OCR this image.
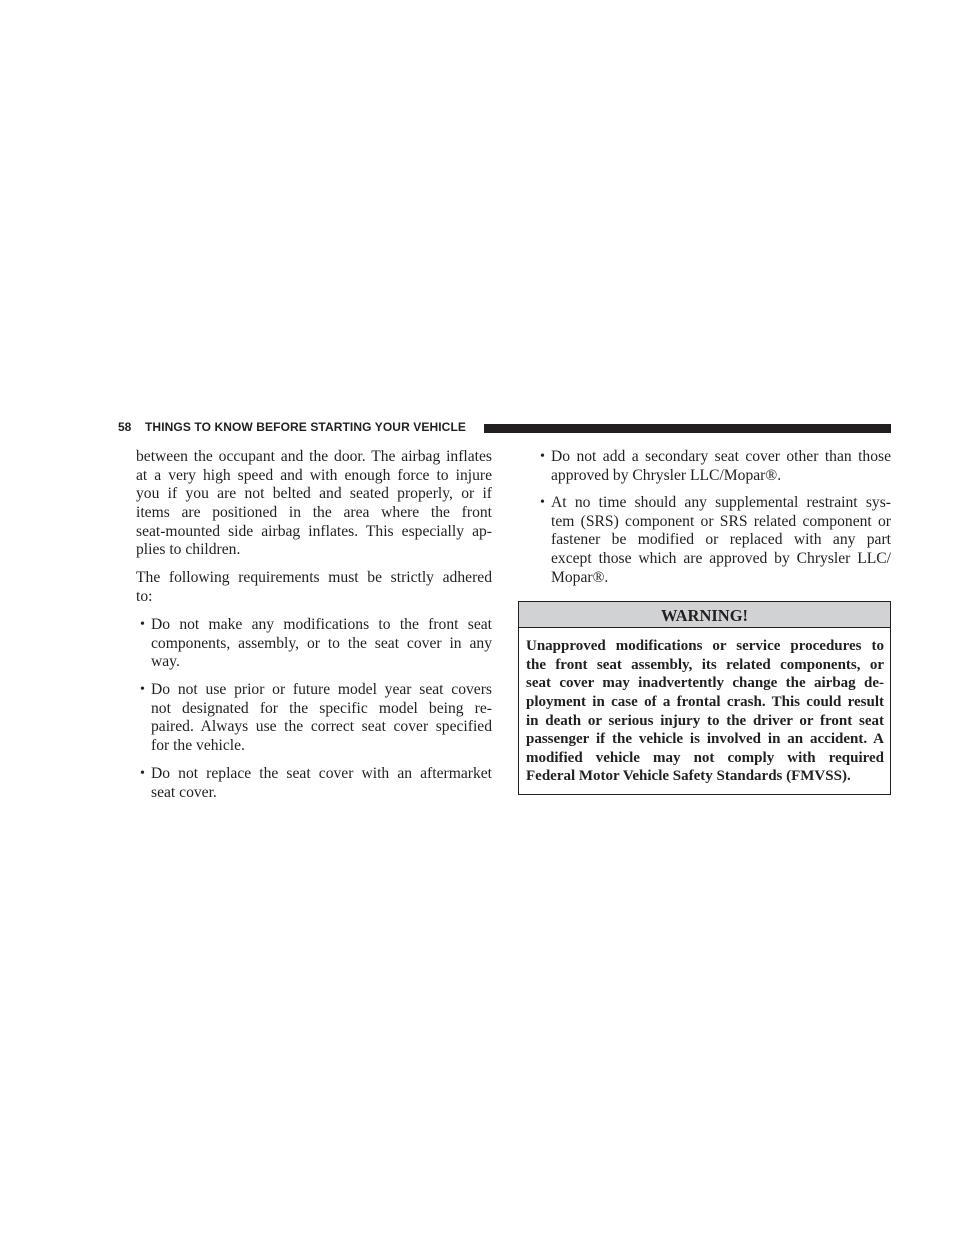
58 THINGS TO KNOW BEFORE STARTING YOUR VEHICLE
between the occupant and the door. The airbag inflates
at a very high speed and with enough force to injure
you if you are not belted and seated properly, or if
items are positioned in the area where the front
seat-mounted side airbag inflates. This especially ap-
plies to children.
The following requirements must be strictly adhered
to:
• Do not make any modifications to the front seat
components, assembly, or to the seat cover in any
way.
• Do not use prior or future model year seat covers
not designated for the specific model being re-
paired. Always use the correct seat cover specified
for the vehicle.
• Do not replace the seat cover with an aftermarket
seat cover.
• Do not add a secondary seat cover other than those
approved by Chrysler LLC/Mopar®.
• At no time should any supplemental restraint sys-
tem (SRS) component or SRS related component or
fastener be modified or replaced with any part
except those which are approved by Chrysler LLC/
Mopar®.
WARNING!
Unapproved modifications or service procedures to
the front seat assembly, its related components, or
seat cover may inadvertently change the airbag de-
ployment in case of a frontal crash. This could result
in death or serious injury to the driver or front seat
passenger if the vehicle is involved in an accident. A
modified vehicle may not comply with required
Federal Motor Vehicle Safety Standards (FMVSS).
